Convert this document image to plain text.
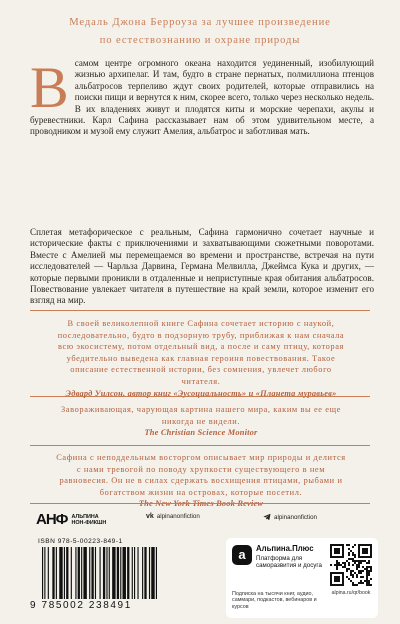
Медаль Джона Берроуза за лучшее произведение
по естествознанию и охране природы
В самом центре огромного океана находится уединенный, изобилующий жизнью архипелаг. И там, будто в стране пернатых, полмиллиона птенцов альбатросов терпеливо ждут своих родителей, которые отправились на поиски пищи и вернутся к ним, скорее всего, только через несколько недель. В их владениях живут и плодятся киты и морские черепахи, акулы и буревестники. Карл Сафина рассказывает нам об этом удивительном месте, а проводником и музой ему служит Амелия, альбатрос и заботливая мать.
Сплетая метафорическое с реальным, Сафина гармонично сочетает научные и исторические факты с приключениями и захватывающими сюжетными поворотами. Вместе с Амелией мы перемещаемся во времени и пространстве, встречая на пути исследователей — Чарльза Дарвина, Германа Мелвилла, Джеймса Кука и других, — которые первыми проникли в отдаленные и неприступные края обитания альбатросов. Повествование увлекает читателя в путешествие на край земли, которое изменит его взгляд на мир.
В своей великолепной книге Сафина сочетает историю с наукой, последовательно, будто в подзорную трубу, приближая к нам сначала всю экосистему, потом отдельный вид, а после и саму птицу, которая убедительно выведена как главная героиня повествования. Такое описание естественной истории, без сомнения, увлечет любого читателя.
Эдвард Уилсон, автор книг «Эусоциальность» и «Планета муравьев»
Завораживающая, чарующая картина нашего мира, каким вы ее еще никогда не видели.
The Christian Science Monitor
Сафина с неподдельным восторгом описывает мир природы и делится с нами тревогой по поводу хрупкости существующего в нем равновесия. Он не в силах сдержать восхищения птицами, рыбами и богатством жизни на островах, которые посетил.
The New York Times Book Review
АНФ АЛЬПИНА
НОН-ФИКШН
vk alpinanonfiction	alpinanonfiction
ISBN 978-5-00223-849-1
9 785002 238491
a	Альпина.Плюс
Платформа для саморазвития и досуга
Подписка на тысячи книг, аудио, саммари, подкастов, вебинаров и курсов
alpina.ru/qr/book
